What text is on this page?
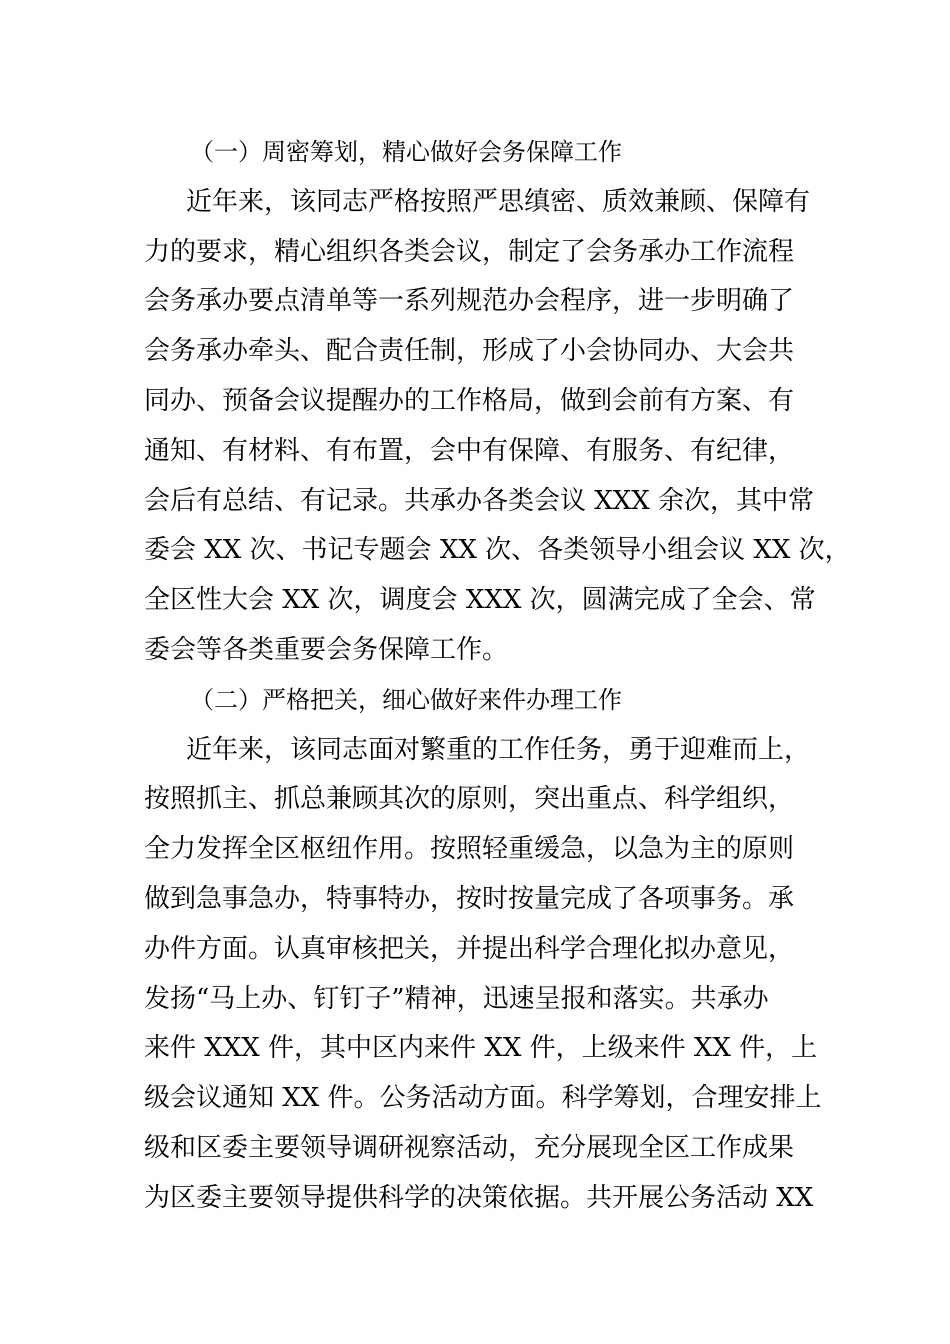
（一）周密筹划，精心做好会务保障工作
近年来，该同志严格按照严思缜密、质效兼顾、保障有
力的要求，精心组织各类会议，制定了会务承办工作流程
会务承办要点清单等一系列规范办会程序，进一步明确了
会务承办牵头、配合责任制，形成了小会协同办、大会共
同办、预备会议提醒办的工作格局，做到会前有方案、有
通知、有材料、有布置，会中有保障、有服务、有纪律，
会后有总结、有记录。共承办各类会议 XXX 余次，其中常
委会 XX 次、书记专题会 XX 次、各类领导小组会议 XX 次，
全区性大会 XX 次，调度会 XXX 次，圆满完成了全会、常
委会等各类重要会务保障工作。
（二）严格把关，细心做好来件办理工作
近年来，该同志面对繁重的工作任务，勇于迎难而上，
按照抓主、抓总兼顾其次的原则，突出重点、科学组织，
全力发挥全区枢纽作用。按照轻重缓急，以急为主的原则
做到急事急办，特事特办，按时按量完成了各项事务。承
办件方面。认真审核把关，并提出科学合理化拟办意见，
发扬“马上办、钉钉子”精神，迅速呈报和落实。共承办
来件 XXX 件，其中区内来件 XX 件，上级来件 XX 件，上
级会议通知 XX 件。公务活动方面。科学筹划，合理安排上
级和区委主要领导调研视察活动，充分展现全区工作成果
为区委主要领导提供科学的决策依据。共开展公务活动 XX
